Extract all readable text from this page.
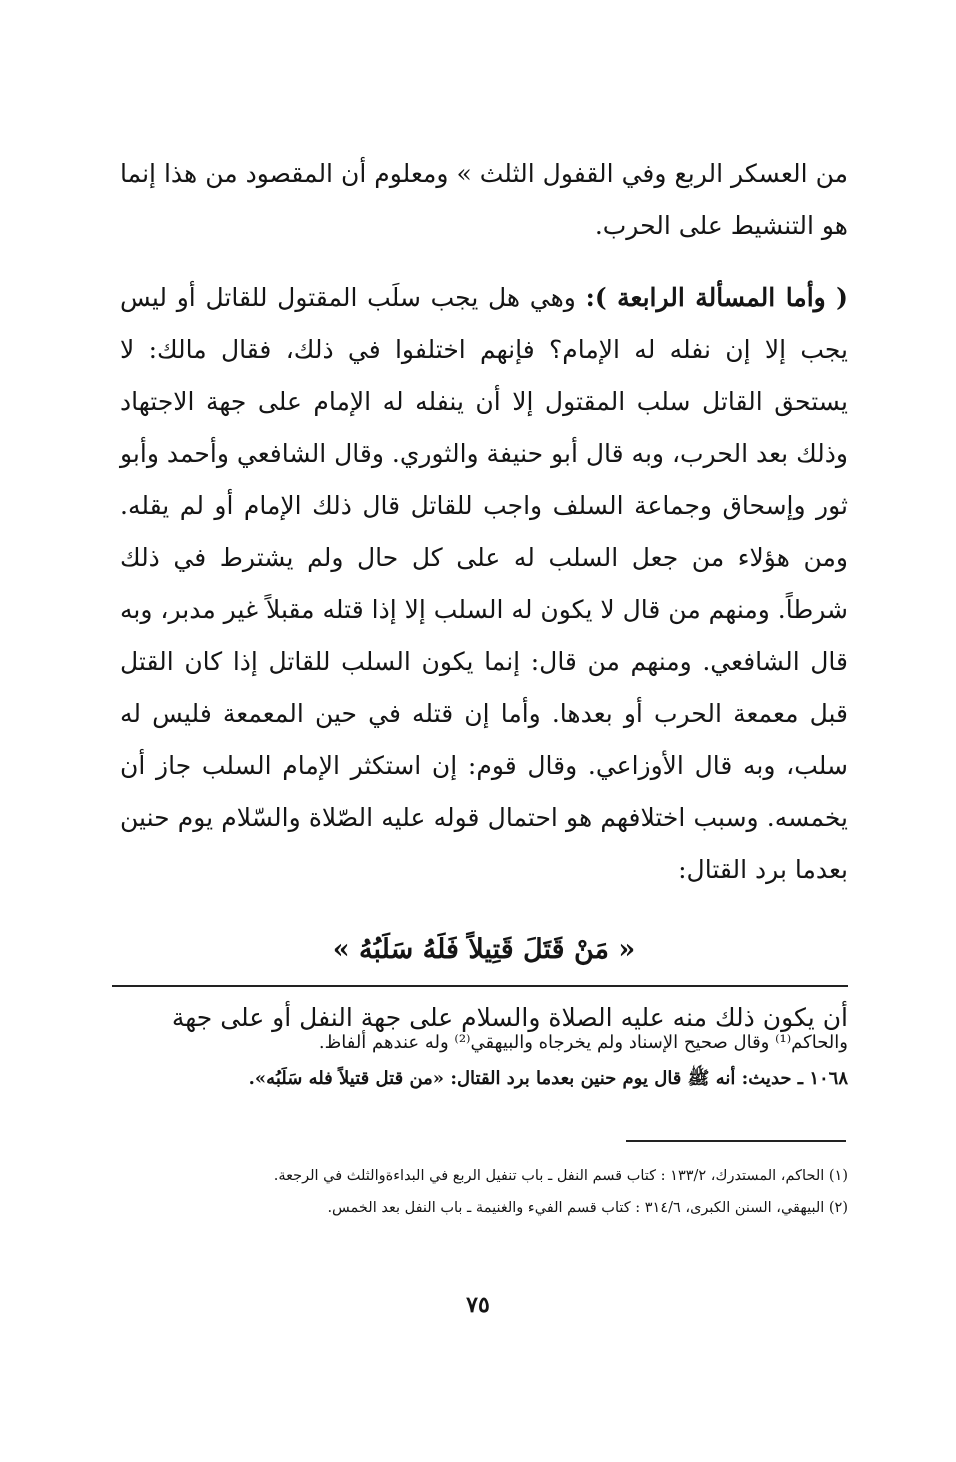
من العسكر الربع وفي القفول الثلث » ومعلوم أن المقصود من هذا إنما هو التنشيط على الحرب.

( وأما المسألة الرابعة ): وهي هل يجب سلَب المقتول للقاتل أو ليس يجب إلا إن نفله له الإمام؟ فإنهم اختلفوا في ذلك، فقال مالك: لا يستحق القاتل سلب المقتول إلا أن ينفله له الإمام على جهة الاجتهاد وذلك بعد الحرب، وبه قال أبو حنيفة والثوري. وقال الشافعي وأحمد وأبو ثور وإسحاق وجماعة السلف واجب للقاتل قال ذلك الإمام أو لم يقله. ومن هؤلاء من جعل السلب له على كل حال ولم يشترط في ذلك شرطاً. ومنهم من قال لا يكون له السلب إلا إذا قتله مقبلاً غير مدبر، وبه قال الشافعي. ومنهم من قال: إنما يكون السلب للقاتل إذا كان القتل قبل معمعة الحرب أو بعدها. وأما إن قتله في حين المعمعة فليس له سلب، وبه قال الأوزاعي. وقال قوم: إن استكثر الإمام السلب جاز أن يخمسه. وسبب اختلافهم هو احتمال قوله عليه الصّلاة والسّلام يوم حنين بعدما برد القتال:

« مَنْ قَتَلَ قَتِيلاً فَلَهُ سَلَبُهُ »

أن يكون ذلك منه عليه الصلاة والسلام على جهة النفل أو على جهة

والحاكم⁽¹⁾ وقال صحيح الإسناد ولم يخرجاه والبيهقي⁽²⁾ وله عندهم ألفاظ.

١٠٦٨ ـ حديث: أنه ﷺ قال يوم حنين بعدما برد القتال: «من قتل قتيلاً فله سَلَبُه».

(١) الحاكم، المستدرك، ١٣٣/٢ : كتاب قسم النفل ـ باب تنفيل الربع في البداءةوالثلث في الرجعة.

(٢) البيهقي، السنن الكبرى، ٣١٤/٦ : كتاب قسم الفيء والغنيمة ـ باب النفل بعد الخمس.

٧٥
